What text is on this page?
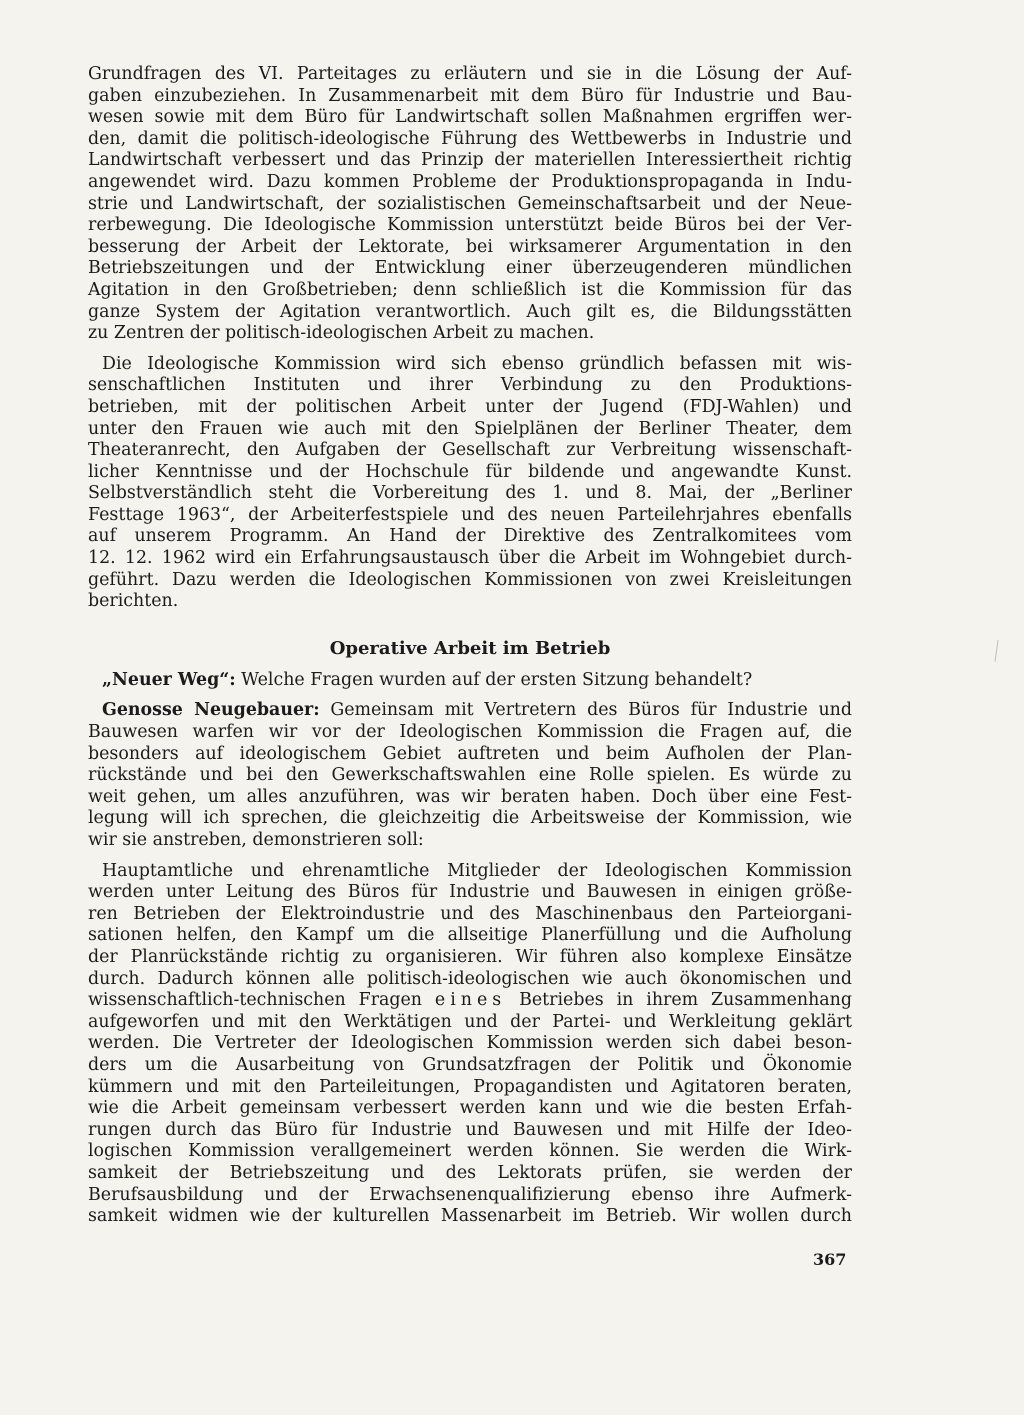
Grundfragen des VI. Parteitages zu erläutern und sie in die Lösung der Auf-
gaben einzubeziehen. In Zusammenarbeit mit dem Büro für Industrie und Bau-
wesen sowie mit dem Büro für Landwirtschaft sollen Maßnahmen ergriffen wer-
den, damit die politisch-ideologische Führung des Wettbewerbs in Industrie und
Landwirtschaft verbessert und das Prinzip der materiellen Interessiertheit richtig
angewendet wird. Dazu kommen Probleme der Produktionspropaganda in Indu-
strie und Landwirtschaft, der sozialistischen Gemeinschaftsarbeit und der Neue-
rerbewegung. Die Ideologische Kommission unterstützt beide Büros bei der Ver-
besserung der Arbeit der Lektorate, bei wirksamerer Argumentation in den
Betriebszeitungen und der Entwicklung einer überzeugenderen mündlichen
Agitation in den Großbetrieben; denn schließlich ist die Kommission für das
ganze System der Agitation verantwortlich. Auch gilt es, die Bildungsstätten
zu Zentren der politisch-ideologischen Arbeit zu machen.

Die Ideologische Kommission wird sich ebenso gründlich befassen mit wis-
senschaftlichen Instituten und ihrer Verbindung zu den Produktions-
betrieben, mit der politischen Arbeit unter der Jugend (FDJ-Wahlen) und
unter den Frauen wie auch mit den Spielplänen der Berliner Theater, dem
Theateranrecht, den Aufgaben der Gesellschaft zur Verbreitung wissenschaft-
licher Kenntnisse und der Hochschule für bildende und angewandte Kunst.
Selbstverständlich steht die Vorbereitung des 1. und 8. Mai, der „Berliner
Festtage 1963“, der Arbeiterfestspiele und des neuen Parteilehrjahres ebenfalls
auf unserem Programm. An Hand der Direktive des Zentralkomitees vom
12. 12. 1962 wird ein Erfahrungsaustausch über die Arbeit im Wohngebiet durch-
geführt. Dazu werden die Ideologischen Kommissionen von zwei Kreisleitungen
berichten.

Operative Arbeit im Betrieb

„Neuer Weg“: Welche Fragen wurden auf der ersten Sitzung behandelt?

Genosse Neugebauer: Gemeinsam mit Vertretern des Büros für Industrie und
Bauwesen warfen wir vor der Ideologischen Kommission die Fragen auf, die
besonders auf ideologischem Gebiet auftreten und beim Aufholen der Plan-
rückstände und bei den Gewerkschaftswahlen eine Rolle spielen. Es würde zu
weit gehen, um alles anzuführen, was wir beraten haben. Doch über eine Fest-
legung will ich sprechen, die gleichzeitig die Arbeitsweise der Kommission, wie
wir sie anstreben, demonstrieren soll:

Hauptamtliche und ehrenamtliche Mitglieder der Ideologischen Kommission
werden unter Leitung des Büros für Industrie und Bauwesen in einigen größe-
ren Betrieben der Elektroindustrie und des Maschinenbaus den Parteiorgani-
sationen helfen, den Kampf um die allseitige Planerfüllung und die Aufholung
der Planrückstände richtig zu organisieren. Wir führen also komplexe Einsätze
durch. Dadurch können alle politisch-ideologischen wie auch ökonomischen und
wissenschaftlich-technischen Fragen eines Betriebes in ihrem Zusammenhang
aufgeworfen und mit den Werktätigen und der Partei- und Werkleitung geklärt
werden. Die Vertreter der Ideologischen Kommission werden sich dabei beson-
ders um die Ausarbeitung von Grundsatzfragen der Politik und Ökonomie
kümmern und mit den Parteileitungen, Propagandisten und Agitatoren beraten,
wie die Arbeit gemeinsam verbessert werden kann und wie die besten Erfah-
rungen durch das Büro für Industrie und Bauwesen und mit Hilfe der Ideo-
logischen Kommission verallgemeinert werden können. Sie werden die Wirk-
samkeit der Betriebszeitung und des Lektorats prüfen, sie werden der
Berufsausbildung und der Erwachsenenqualifizierung ebenso ihre Aufmerk-
samkeit widmen wie der kulturellen Massenarbeit im Betrieb. Wir wollen durch

367
